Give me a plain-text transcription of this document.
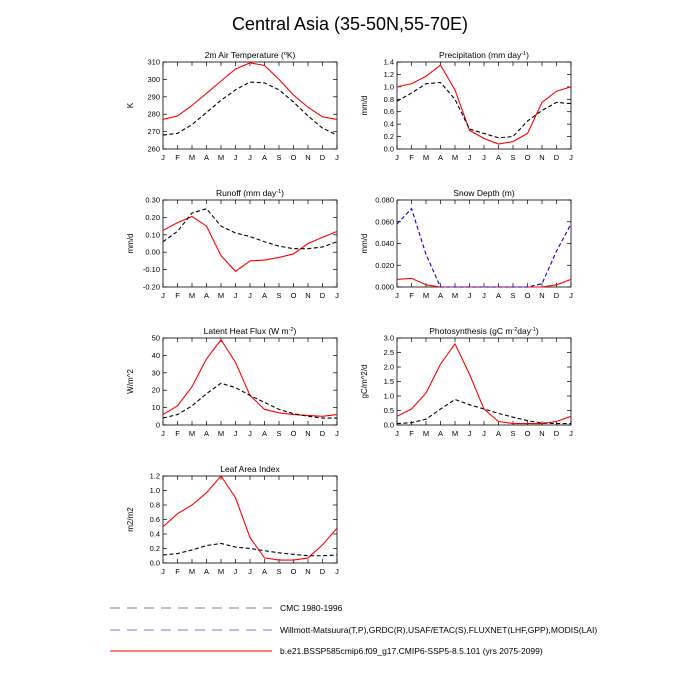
Central Asia (35-50N,55-70E)
2m Air Temperature ($^o$K)
J F M A M J J A S O N D J
260
270
280
290
300
310
K
Precipitation (mm day$^{-1}$)
J F M A M J J A S O N D J
0.0
0.2
0.4
0.6
0.8
1.0
1.2
1.4
mm/d
Runoff (mm day$^{-1}$)
J F M A M J J A S O N D J
-0.20
-0.10
0.00
0.10
0.20
0.30
mm/d
Snow Depth (m)
J F M A M J J A S O N D J
0.000
0.020
0.040
0.060
0.080
mm/d
Latent Heat Flux (W $m^{-2}$)
J F M A M J J A S O N D J
0
10
20
30
40
50
W/m^2
Photosynthesis (gC $m^{-2}day^{-1}$)
J F M A M J J A S O N D J
0.0
0.5
1.0
1.5
2.0
2.5
3.0
gC/m^2/d
Leaf Area Index
J F M A M J J A S O N D J
0.0
0.2
0.4
0.6
0.8
1.0
1.2
m2/m2
CMC 1980-1996
Willmott-Matsuura(T,P),GRDC(R),USAF/ETAC(S),FLUXNET(LHF,GPP),MODIS(LAI)
b.e21.BSSP585cmip6.f09_g17.CMIP6-SSP5-8.5.101 (yrs 2075-2099)
